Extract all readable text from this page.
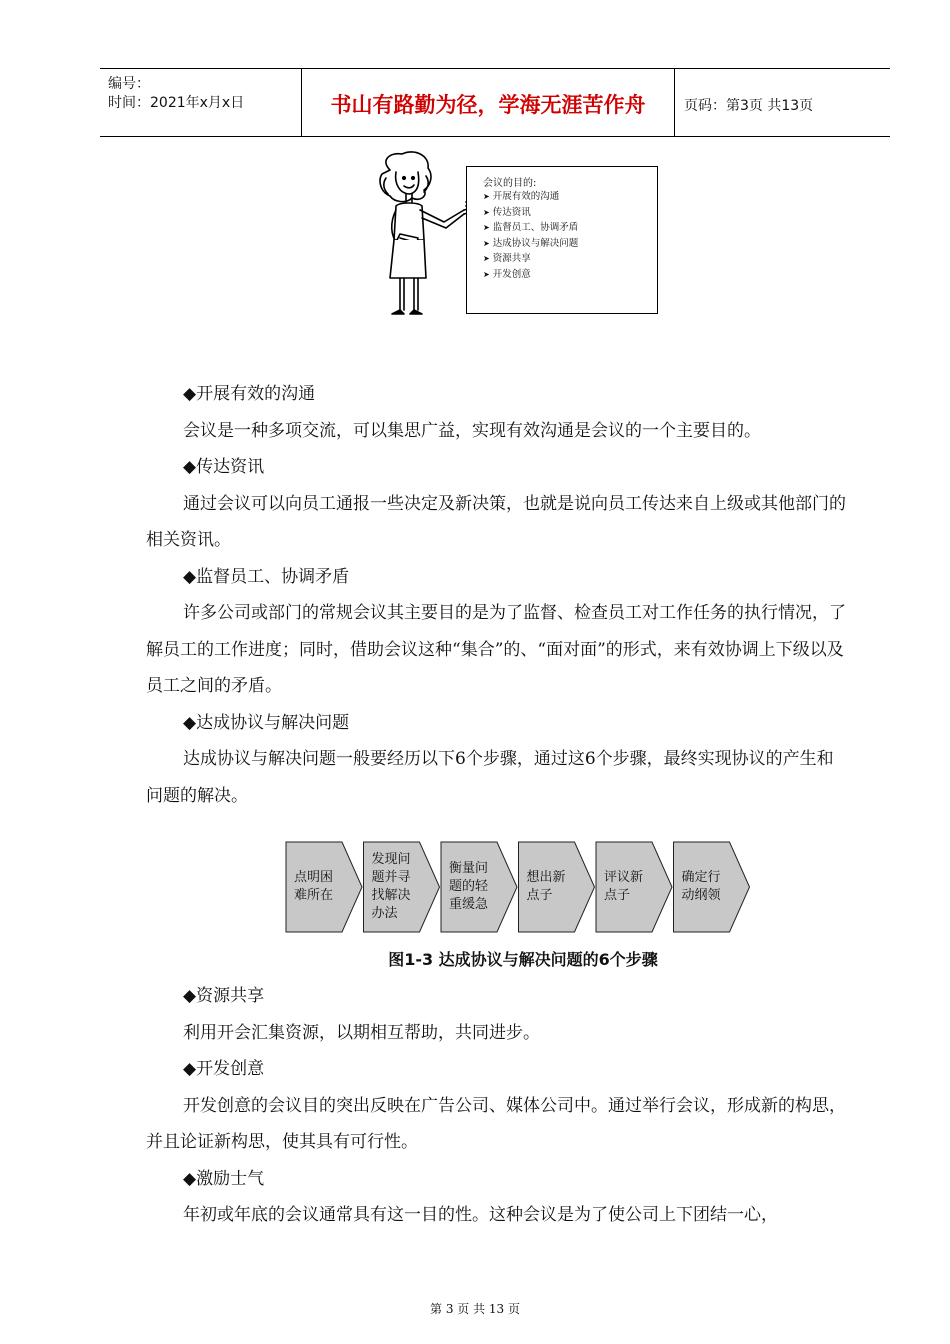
编号：
时间：2021年x月x日	书山有路勤为径，学海无涯苦作舟	页码：第3页 共13页
会议的目的:
➤ 开展有效的沟通
➤ 传达资讯
➤ 监督员工、协调矛盾
➤ 达成协议与解决问题
➤ 资源共享
➤ 开发创意

◆开展有效的沟通

会议是一种多项交流，可以集思广益，实现有效沟通是会议的一个主要目的。

◆传达资讯

通过会议可以向员工通报一些决定及新决策，也就是说向员工传达来自上级或其他部门的相关资讯。

◆监督员工、协调矛盾

许多公司或部门的常规会议其主要目的是为了监督、检查员工对工作任务的执行情况，了解员工的工作进度；同时，借助会议这种“集合”的、“面对面”的形式，来有效协调上下级以及员工之间的矛盾。

◆达成协议与解决问题

达成协议与解决问题一般要经历以下6个步骤，通过这6个步骤，最终实现协议的产生和问题的解决。

点明困
难所在
发现问
题并寻
找解决
办法
衡量问
题的轻
重缓急
想出新
点子
评议新
点子
确定行
动纲领

图1-3 达成协议与解决问题的6个步骤

◆资源共享

利用开会汇集资源，以期相互帮助，共同进步。

◆开发创意

开发创意的会议目的突出反映在广告公司、媒体公司中。通过举行会议，形成新的构思，并且论证新构思，使其具有可行性。

◆激励士气

年初或年底的会议通常具有这一目的性。这种会议是为了使公司上下团结一心，

第 3 页 共 13 页
